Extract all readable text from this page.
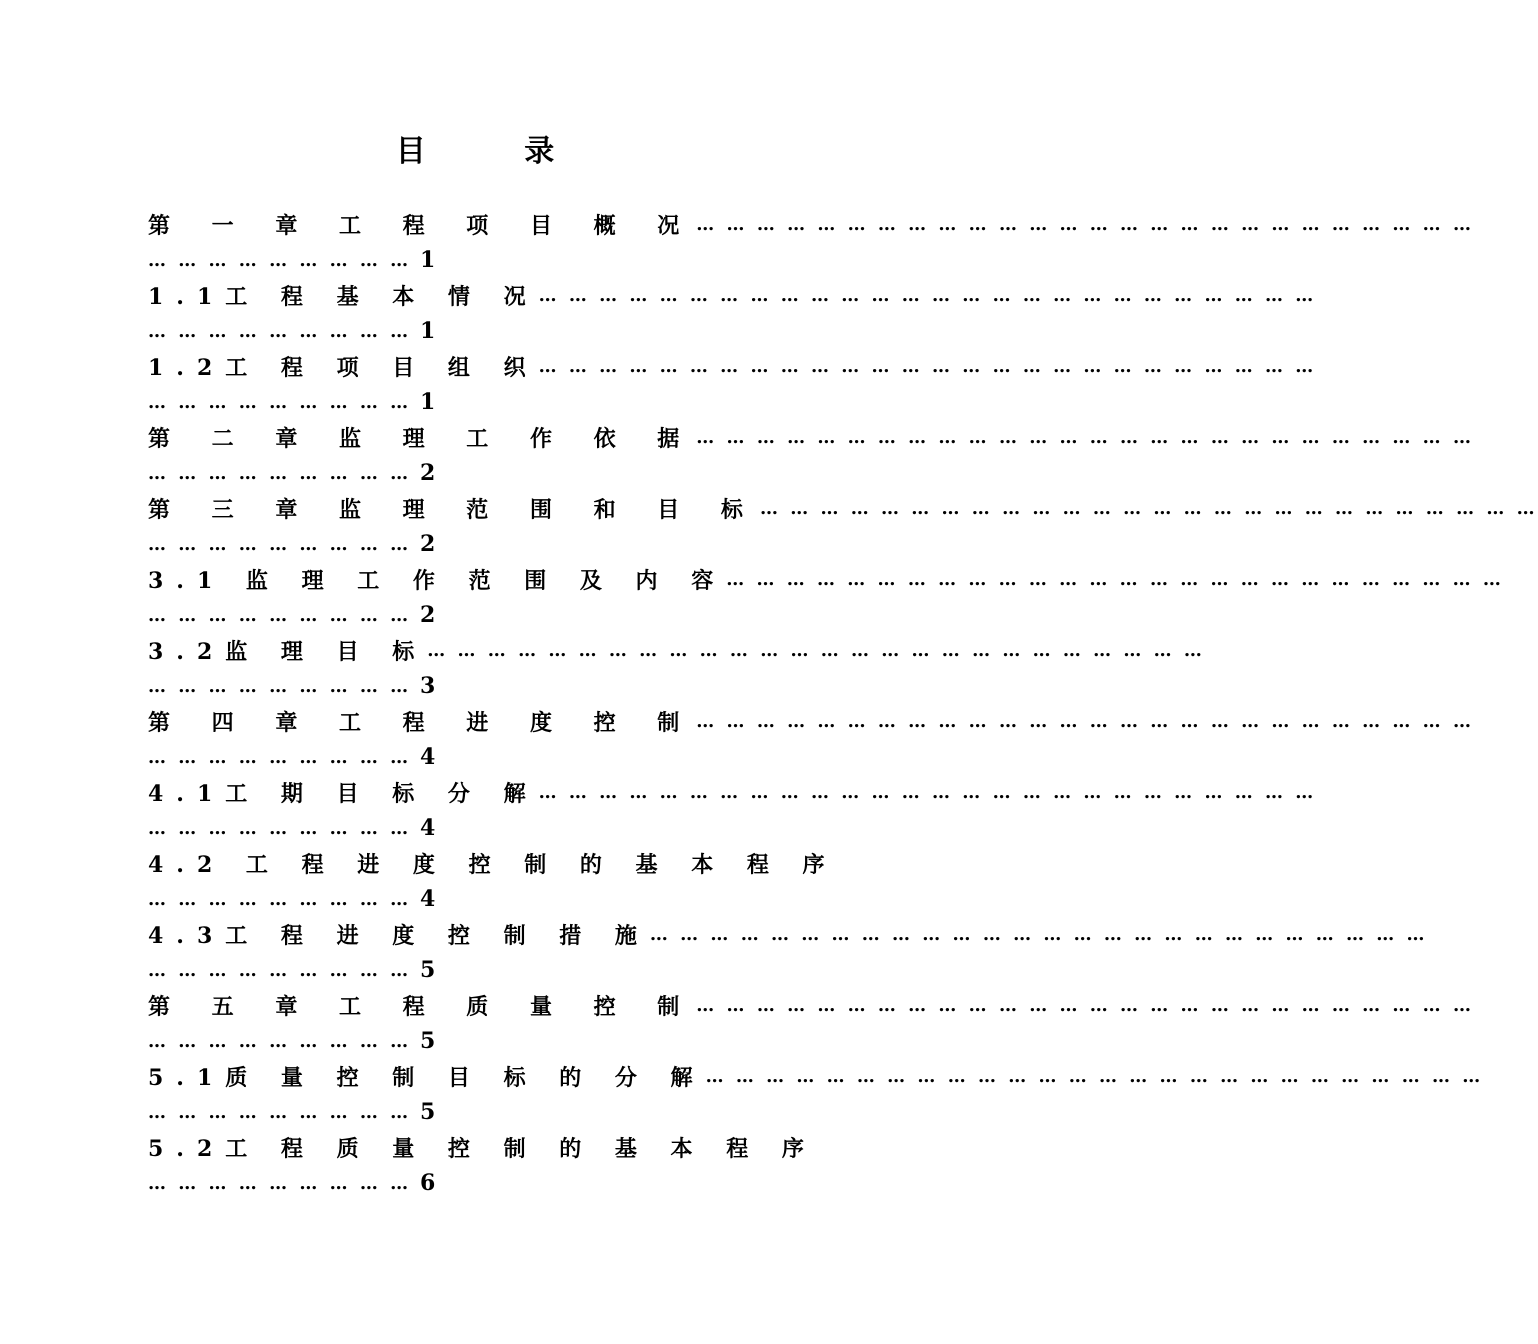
目 录
第 一 章 工 程 项 目 概 况 … … … … … … … … … … … … … … … … … … … … … … … … … …
… … … … … … … … … 1
1.1工 程 基 本 情 况 … … … … … … … … … … … … … … … … … … … … … … … … … …
… … … … … … … … … 1
1.2工 程 项 目 组 织 … … … … … … … … … … … … … … … … … … … … … … … … … …
… … … … … … … … … 1
第 二 章 监 理 工 作 依 据 … … … … … … … … … … … … … … … … … … … … … … … … … …
… … … … … … … … … 2
第 三 章 监 理 范 围 和 目 标 … … … … … … … … … … … … … … … … … … … … … … … … … …
… … … … … … … … … 2
3.1 监 理 工 作 范 围 及 内 容 … … … … … … … … … … … … … … … … … … … … … … … … … …
… … … … … … … … … 2
3.2监 理 目 标 … … … … … … … … … … … … … … … … … … … … … … … … … …
… … … … … … … … … 3
第 四 章 工 程 进 度 控 制 … … … … … … … … … … … … … … … … … … … … … … … … … …
… … … … … … … … … 4
4.1工 期 目 标 分 解 … … … … … … … … … … … … … … … … … … … … … … … … … …
… … … … … … … … … 4
4.2 工 程 进 度 控 制 的 基 本 程 序
… … … … … … … … … 4
4.3工 程 进 度 控 制 措 施 … … … … … … … … … … … … … … … … … … … … … … … … … …
… … … … … … … … … 5
第 五 章 工 程 质 量 控 制 … … … … … … … … … … … … … … … … … … … … … … … … … …
… … … … … … … … … 5
5.1质 量 控 制 目 标 的 分 解 … … … … … … … … … … … … … … … … … … … … … … … … … …
… … … … … … … … … 5
5.2工 程 质 量 控 制 的 基 本 程 序
… … … … … … … … … 6
